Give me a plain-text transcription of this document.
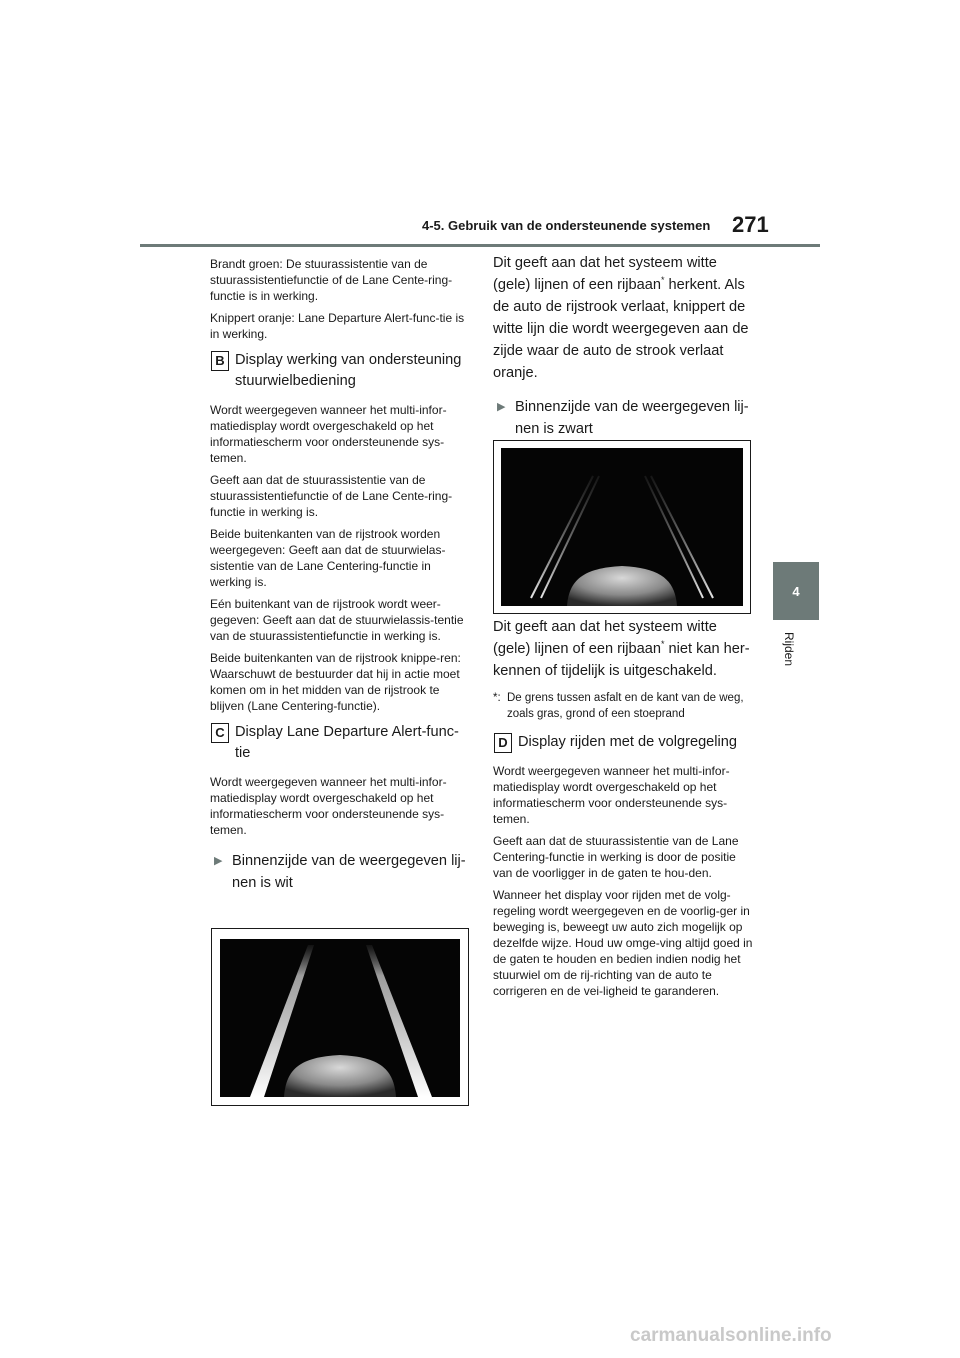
4-5. Gebruik van de ondersteunende systemen 271
4
Rijden

Brandt groen: De stuurassistentie van de stuurassistentiefunctie of de Lane Cente-ring-functie is in werking.

Knippert oranje: Lane Departure Alert-func-tie is in werking.

B Display werking van ondersteuning stuurwielbediening

Wordt weergegeven wanneer het multi-infor-matiedisplay wordt overgeschakeld op het informatiescherm voor ondersteunende sys-temen.

Geeft aan dat de stuurassistentie van de stuurassistentiefunctie of de Lane Cente-ring-functie in werking is.

Beide buitenkanten van de rijstrook worden weergegeven: Geeft aan dat de stuurwielas-sistentie van de Lane Centering-functie in werking is.

Eén buitenkant van de rijstrook wordt weer-gegeven: Geeft aan dat de stuurwielassis-tentie van de stuurassistentiefunctie in werking is.

Beide buitenkanten van de rijstrook knippe-ren: Waarschuwt de bestuurder dat hij in actie moet komen om in het midden van de rijstrook te blijven (Lane Centering-functie).

C Display Lane Departure Alert-func-tie

Wordt weergegeven wanneer het multi-infor-matiedisplay wordt overgeschakeld op het informatiescherm voor ondersteunende sys-temen.

▶ Binnenzijde van de weergegeven lij-nen is wit

Dit geeft aan dat het systeem witte (gele) lijnen of een rijbaan* herkent. Als de auto de rijstrook verlaat, knippert de witte lijn die wordt weergegeven aan de zijde waar de auto de strook verlaat oranje.

▶ Binnenzijde van de weergegeven lij-nen is zwart

Dit geeft aan dat het systeem witte (gele) lijnen of een rijbaan* niet kan her-kennen of tijdelijk is uitgeschakeld.

*: De grens tussen asfalt en de kant van de weg, zoals gras, grond of een stoeprand
D Display rijden met de volgregeling

Wordt weergegeven wanneer het multi-infor-matiedisplay wordt overgeschakeld op het informatiescherm voor ondersteunende sys-temen.

Geeft aan dat de stuurassistentie van de Lane Centering-functie in werking is door de positie van de voorligger in de gaten te hou-den.

Wanneer het display voor rijden met de volg-regeling wordt weergegeven en de voorlig-ger in beweging is, beweegt uw auto zich mogelijk op dezelfde wijze. Houd uw omge-ving altijd goed in de gaten te houden en bedien indien nodig het stuurwiel om de rij-richting van de auto te corrigeren en de vei-ligheid te garanderen.

carmanualsonline.info
